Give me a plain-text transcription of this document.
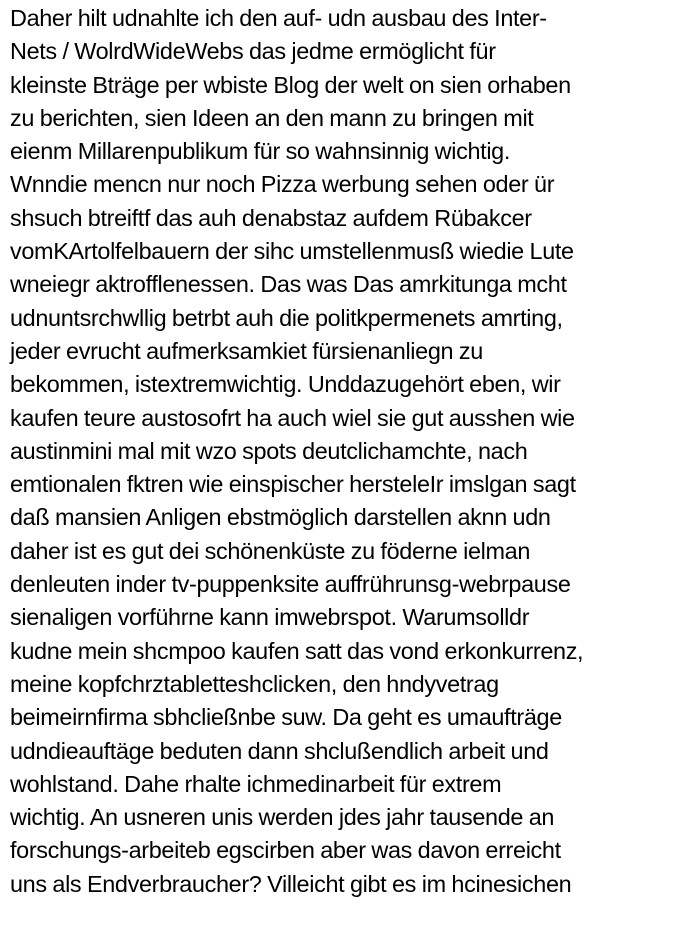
Daher hilt udnahlte ich den auf- udn ausbau des Inter-
Nets / WolrdWideWebs das jedme ermöglicht für
kleinste Bträge per wbiste Blog der welt on sien orhaben
zu berichten, sien Ideen an den mann zu bringen mit
eienm Millarenpublikum für so wahnsinnig wichtig.
Wnndie mencn nur noch Pizza werbung sehen oder ür
shsuch btreiftf das auh denabstaz aufdem Rübakcer
vomKArtolfelbauern der sihc umstellenmusß wiedie Lute
wneiegr aktrofflenessen. Das was Das amrkitunga mcht
udnuntsrchwllig betrbt auh die politkpermenets amrting,
jeder evrucht aufmerksamkiet fürsienanliegn zu
bekommen, istextremwichtig. Unddazugehört eben, wir
kaufen teure austosofrt ha auch wiel sie gut ausshen wie
austinmini mal mit wzo spots deutclichamchte, nach
emtionalen fktren wie einspischer hersteleIr imslgan sagt
daß mansien Anligen ebstmöglich darstellen aknn udn
daher ist es gut dei schönenküste zu föderne ielman
denleuten inder tv-puppenksite auffrührunsg-webrpause
sienaligen vorführne kann imwebrspot. Warumsolldr
kudne mein shcmpoo kaufen satt das vond erkonkurrenz,
meine kopfchrztabletteshclicken, den hndyvetrag
beimeirnfirma sbhcließnbe suw. Da geht es umaufträge
udndieauftäge beduten dann shclußendlich arbeit und
wohlstand. Dahe rhalte ichmedinarbeit für extrem
wichtig. An usneren unis werden jdes jahr tausende an
forschungs-arbeiteb egscirben aber was davon erreicht
uns als Endverbraucher? Villeicht gibt es im hcinesichen
